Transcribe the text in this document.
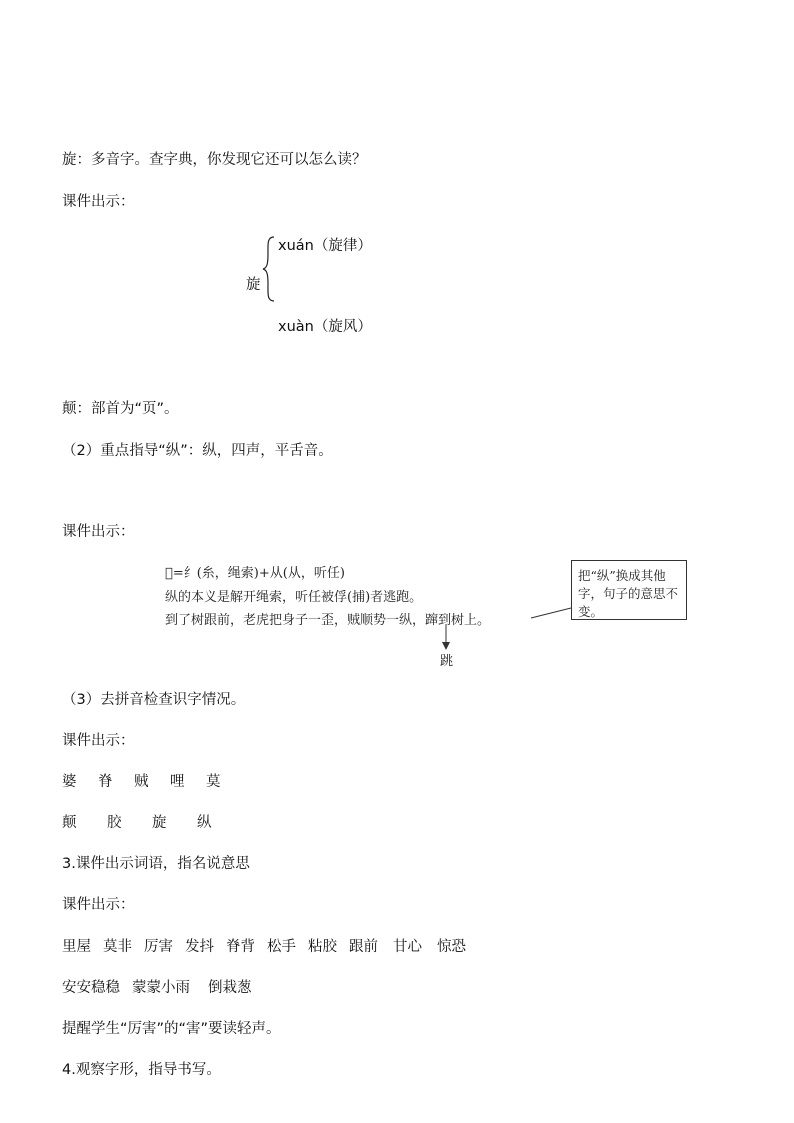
旋：多音字。查字典，你发现它还可以怎么读？
课件出示：
旋
xuán（旋律）
xuàn（旋风）
颠：部首为“页”。
（2）重点指导“纵”：纵，四声，平舌音。
课件出示：
𦀰=纟(糸，绳索)+从(从，听任)
纵的本义是解开绳索，听任被俘(捕)者逃跑。
到了树跟前，老虎把身子一歪，贼顺势一纵，蹿到树上。
跳
把“纵”换成其他字，句子的意思不变。
（3）去拼音检查识字情况。
课件出示：
婆 脊 贼 哩 莫
颠 胶 旋 纵
3.课件出示词语，指名说意思
课件出示：
里屋 莫非 厉害 发抖 脊背 松手 粘胶 跟前 甘心 惊恐
安安稳稳 蒙蒙小雨 倒栽葱
提醒学生“厉害”的“害”要读轻声。
4.观察字形，指导书写。
